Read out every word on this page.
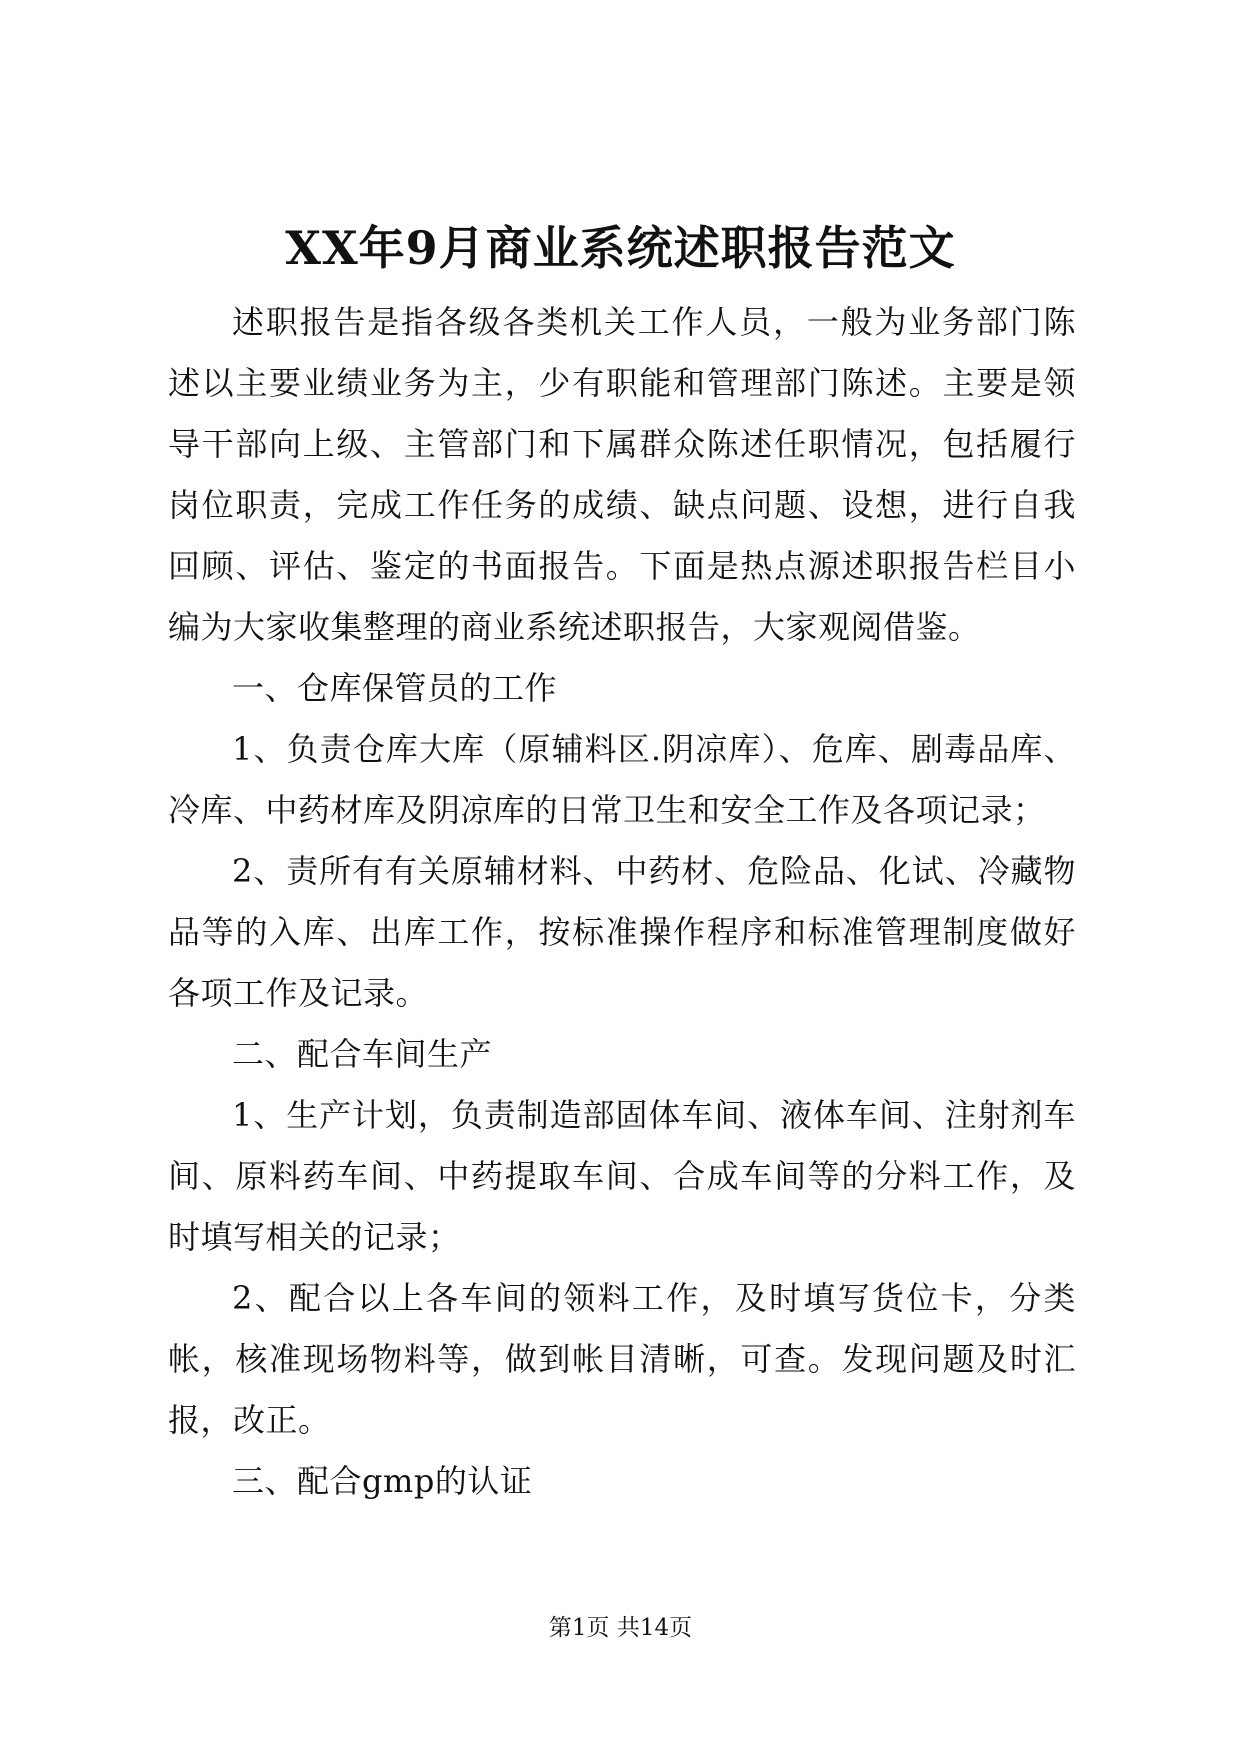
XX年9月商业系统述职报告范文

述职报告是指各级各类机关工作人员，一般为业务部门陈述以主要业绩业务为主，少有职能和管理部门陈述。主要是领导干部向上级、主管部门和下属群众陈述任职情况，包括履行岗位职责，完成工作任务的成绩、缺点问题、设想，进行自我回顾、评估、鉴定的书面报告。下面是热点源述职报告栏目小编为大家收集整理的商业系统述职报告，大家观阅借鉴。

一、仓库保管员的工作

1、负责仓库大库（原辅料区.阴凉库）、危库、剧毒品库、冷库、中药材库及阴凉库的日常卫生和安全工作及各项记录；

2、责所有有关原辅材料、中药材、危险品、化试、冷藏物品等的入库、出库工作，按标准操作程序和标准管理制度做好各项工作及记录。

二、配合车间生产

1、生产计划，负责制造部固体车间、液体车间、注射剂车间、原料药车间、中药提取车间、合成车间等的分料工作，及时填写相关的记录；

2、配合以上各车间的领料工作，及时填写货位卡，分类帐，核准现场物料等，做到帐目清晰，可查。发现问题及时汇报，改正。

三、配合gmp的认证

第1页 共14页
